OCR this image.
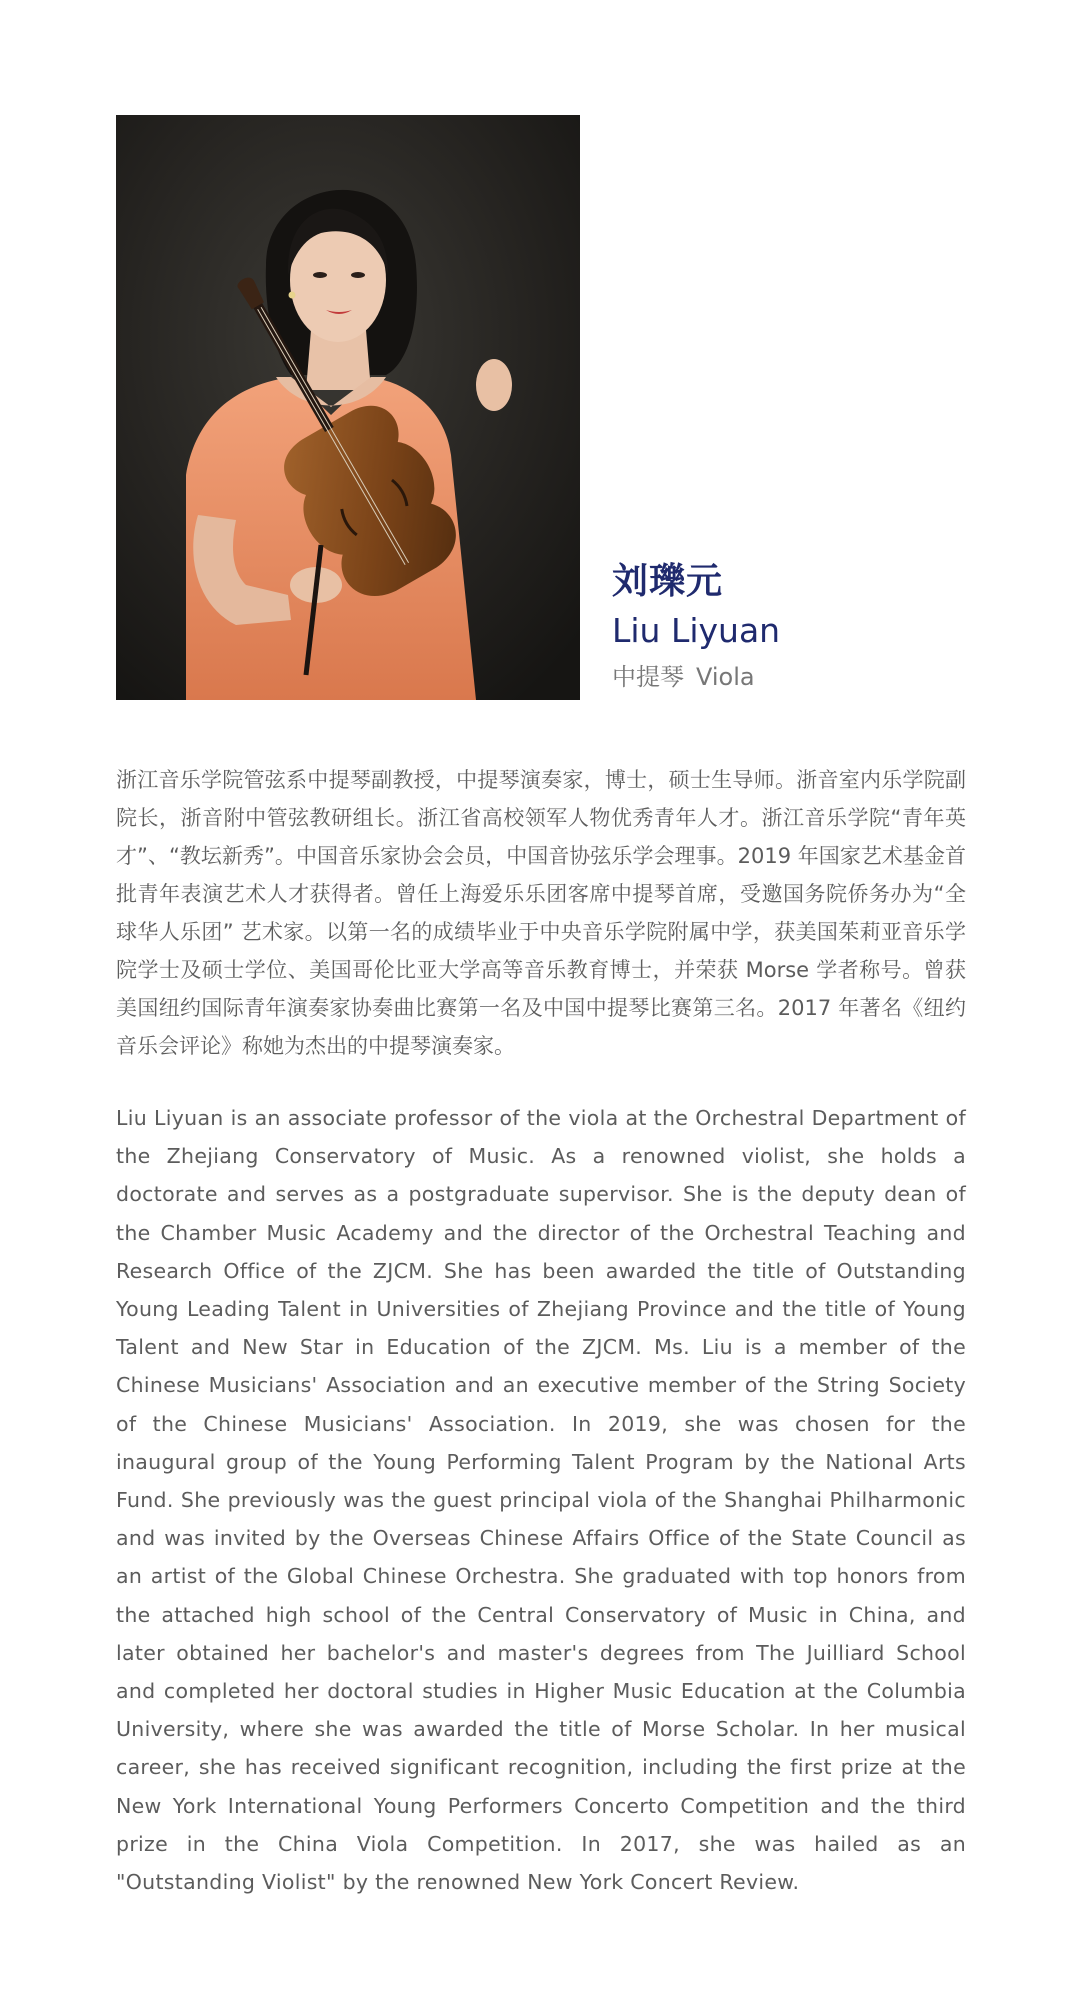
刘瓅元
Liu Liyuan
中提琴 Viola

浙江音乐学院管弦系中提琴副教授，中提琴演奏家，博士，硕士生导师。浙音室内乐学院副院长，浙音附中管弦教研组长。浙江省高校领军人物优秀青年人才。浙江音乐学院“青年英才”、“教坛新秀”。中国音乐家协会会员，中国音协弦乐学会理事。2019 年国家艺术基金首批青年表演艺术人才获得者。曾任上海爱乐乐团客席中提琴首席，受邀国务院侨务办为“全球华人乐团” 艺术家。以第一名的成绩毕业于中央音乐学院附属中学，获美国茱莉亚音乐学院学士及硕士学位、美国哥伦比亚大学高等音乐教育博士，并荣获 Morse 学者称号。曾获美国纽约国际青年演奏家协奏曲比赛第一名及中国中提琴比赛第三名。2017 年著名《纽约音乐会评论》称她为杰出的中提琴演奏家。

Liu Liyuan is an associate professor of the viola at the Orchestral Department of the Zhejiang Conservatory of Music. As a renowned violist, she holds a doctorate and serves as a postgraduate supervisor. She is the deputy dean of the Chamber Music Academy and the director of the Orchestral Teaching and Research Office of the ZJCM. She has been awarded the title of Outstanding Young Leading Talent in Universities of Zhejiang Province and the title of Young Talent and New Star in Education of the ZJCM. Ms. Liu is a member of the Chinese Musicians' Association and an executive member of the String Society of the Chinese Musicians' Association. In 2019, she was chosen for the inaugural group of the Young Performing Talent Program by the National Arts Fund. She previously was the guest principal viola of the Shanghai Philharmonic and was invited by the Overseas Chinese Affairs Office of the State Council as an artist of the Global Chinese Orchestra. She graduated with top honors from the attached high school of the Central Conservatory of Music in China, and later obtained her bachelor's and master's degrees from The Juilliard School and completed her doctoral studies in Higher Music Education at the Columbia University, where she was awarded the title of Morse Scholar. In her musical career, she has received significant recognition, including the first prize at the New York International Young Performers Concerto Competition and the third prize in the China Viola Competition. In 2017, she was hailed as an "Outstanding Violist" by the renowned New York Concert Review.
